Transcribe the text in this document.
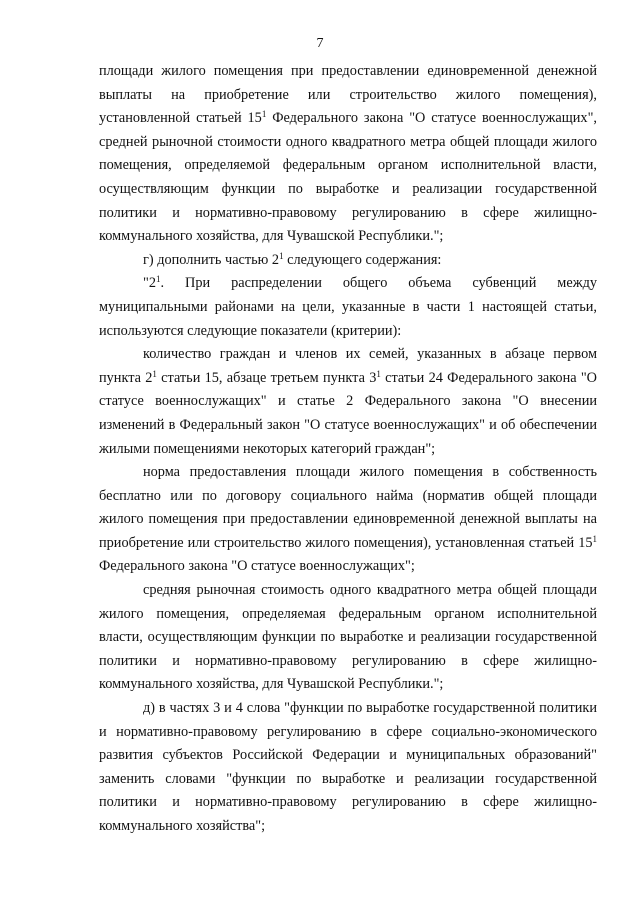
7

площади жилого помещения при предоставлении единовременной денежной выплаты на приобретение или строительство жилого помещения), установленной статьей $15^1$ Федерального закона "О статусе военнослужащих", средней рыночной стоимости одного квадратного метра общей площади жилого помещения, определяемой федеральным органом исполнительной власти, осуществляющим функции по выработке и реализации государственной политики и нормативно-правовому регулированию в сфере жилищно-коммунального хозяйства, для Чувашской Республики.";

г) дополнить частью $2^1$ следующего содержания:

"$2^1$. При распределении общего объема субвенций между муниципальными районами на цели, указанные в части 1 настоящей статьи, используются следующие показатели (критерии):

количество граждан и членов их семей, указанных в абзаце первом пункта $2^1$ статьи 15, абзаце третьем пункта $3^1$ статьи 24 Федерального закона "О статусе военнослужащих" и статье 2 Федерального закона "О внесении изменений в Федеральный закон "О статусе военнослужащих" и об обеспечении жилыми помещениями некоторых категорий граждан";

норма предоставления площади жилого помещения в собственность бесплатно или по договору социального найма (норматив общей площади жилого помещения при предоставлении единовременной денежной выплаты на приобретение или строительство жилого помещения), установленная статьей $15^1$ Федерального закона "О статусе военнослужащих";

средняя рыночная стоимость одного квадратного метра общей площади жилого помещения, определяемая федеральным органом исполнительной власти, осуществляющим функции по выработке и реализации государственной политики и нормативно-правовому регулированию в сфере жилищно-коммунального хозяйства, для Чувашской Республики.";

д) в частях 3 и 4 слова "функции по выработке государственной политики и нормативно-правовому регулированию в сфере социально-экономического развития субъектов Российской Федерации и муниципальных образований" заменить словами "функции по выработке и реализации государственной политики и нормативно-правовому регулированию в сфере жилищно-коммунального хозяйства";
